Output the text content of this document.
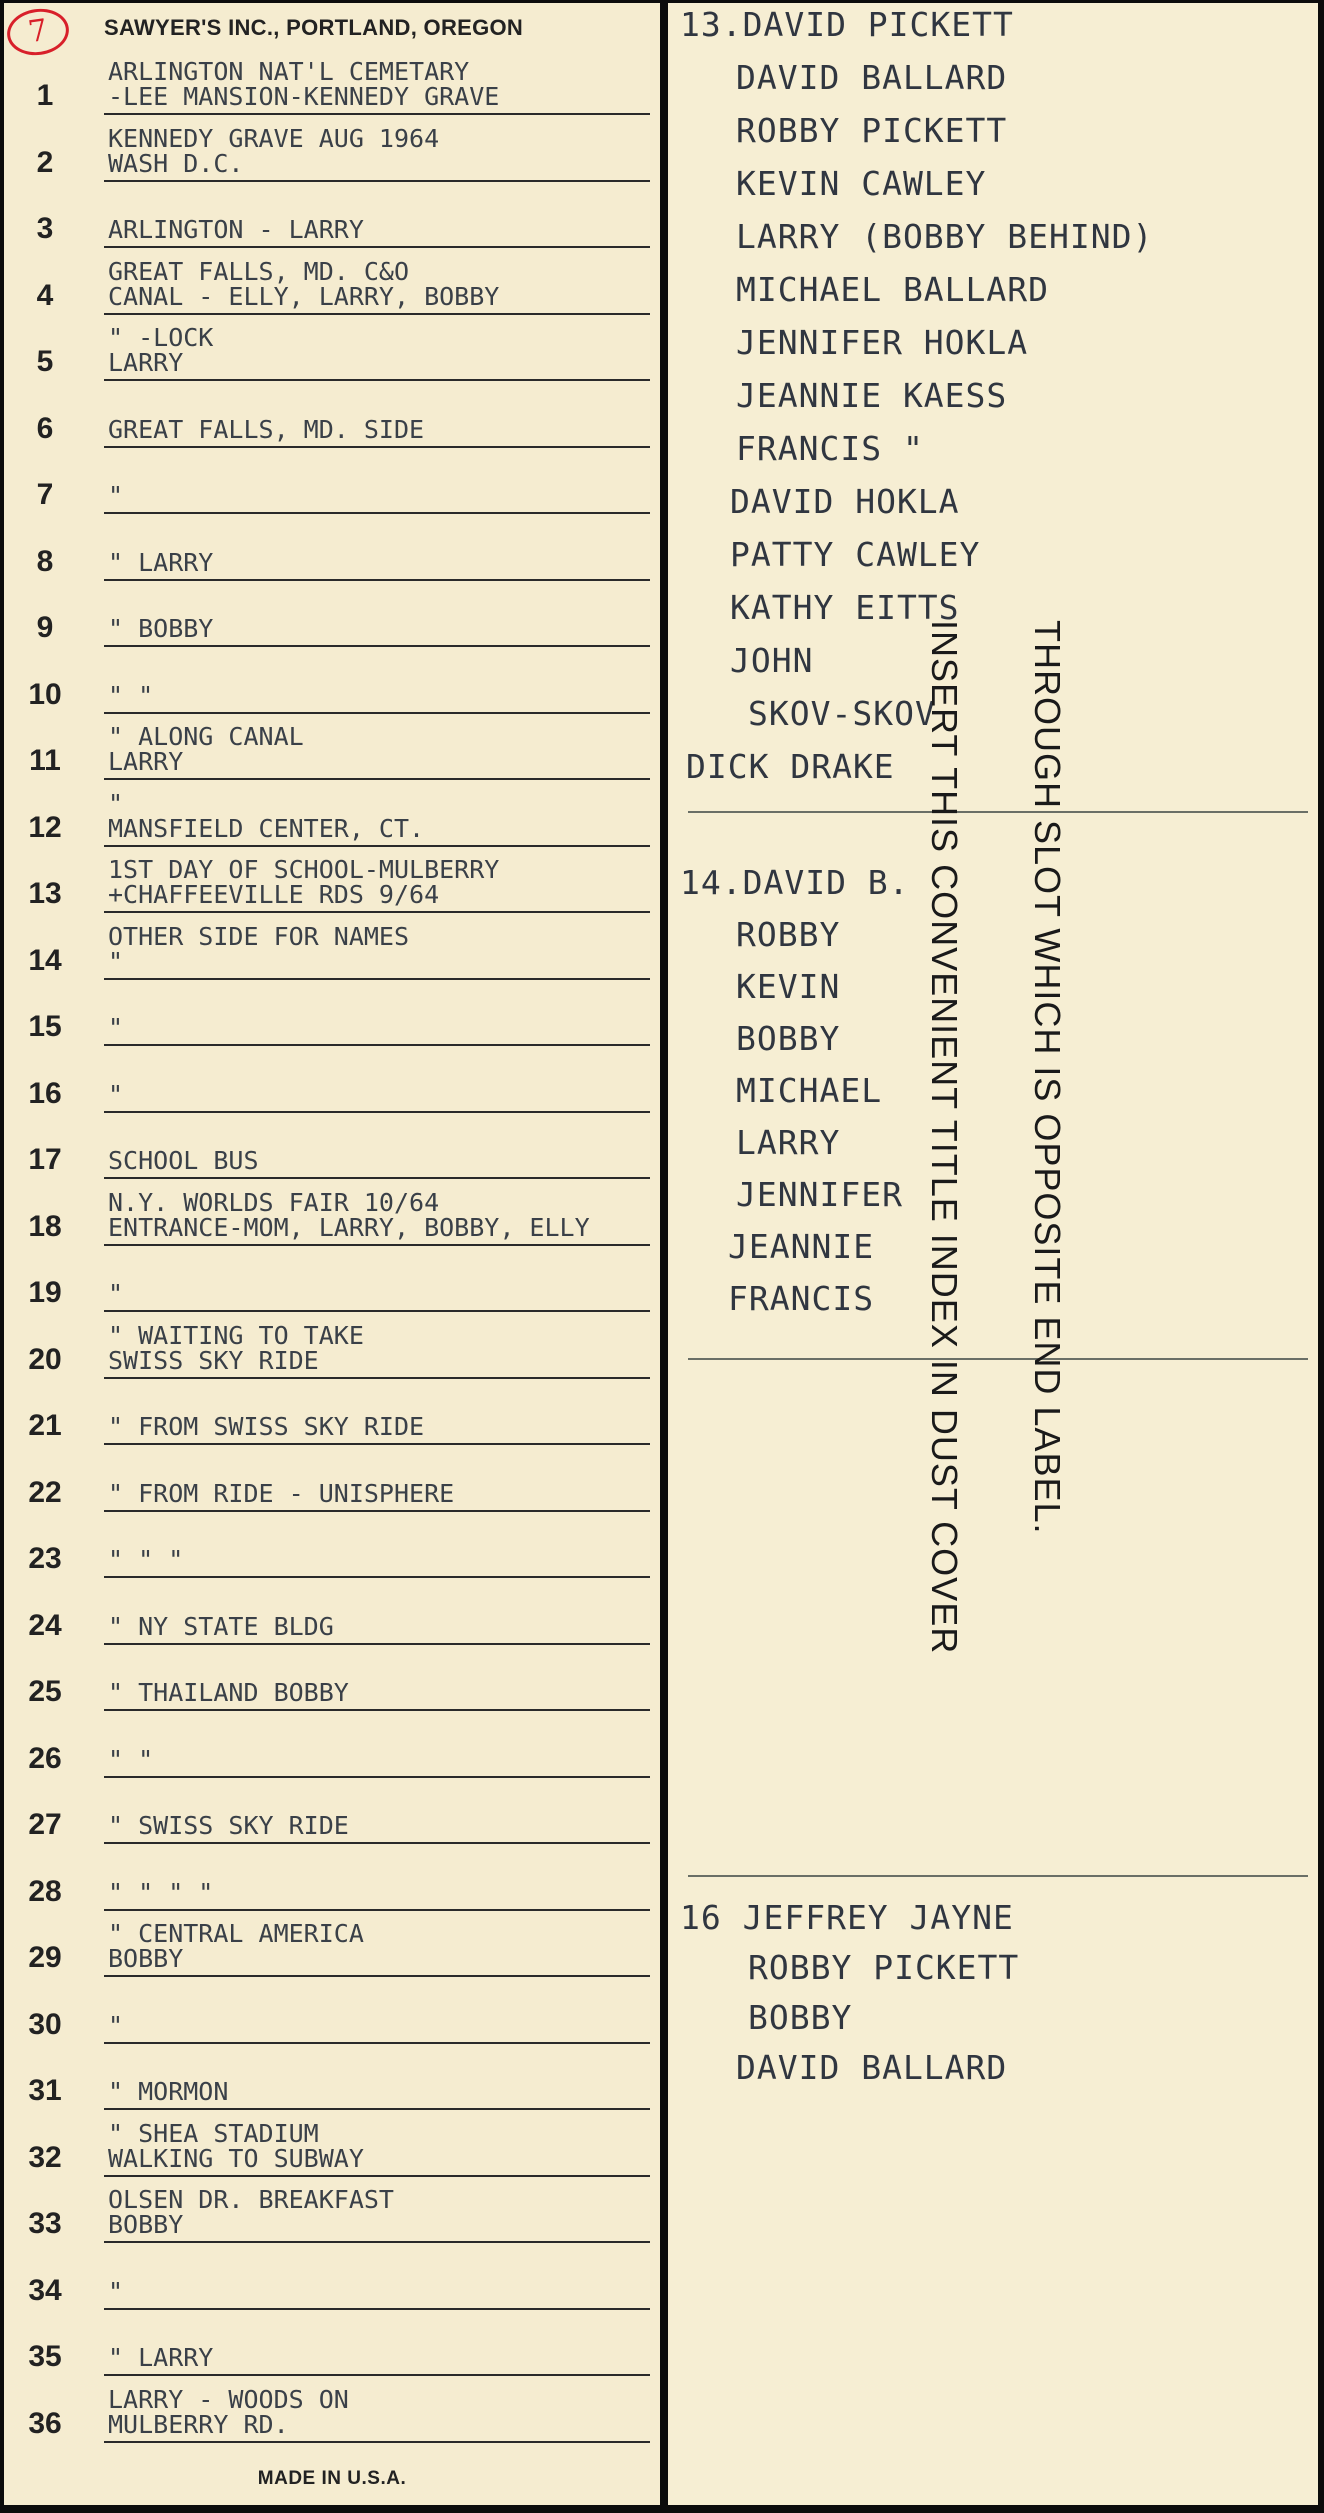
7	SAWYER'S INC., PORTLAND, OREGON
1
ARLINGTON NAT'L CEMETARY
-LEE MANSION-KENNEDY GRAVE
2
KENNEDY GRAVE AUG 1964
WASH D.C.
3	ARLINGTON - LARRY
4
GREAT FALLS, MD. C&O
CANAL - ELLY, LARRY, BOBBY
5
" -LOCK
LARRY
6	GREAT FALLS, MD. SIDE
7	"
8	" LARRY
9	" BOBBY
10	" "
11
" ALONG CANAL
LARRY
12
"
MANSFIELD CENTER, CT.
13
1ST DAY OF SCHOOL-MULBERRY
+CHAFFEEVILLE RDS 9/64
14
OTHER SIDE FOR NAMES
"
15	"
16	"
17	SCHOOL BUS
18
N.Y. WORLDS FAIR 10/64
ENTRANCE-MOM, LARRY, BOBBY, ELLY
19	"
20
" WAITING TO TAKE
SWISS SKY RIDE
21	" FROM SWISS SKY RIDE
22	" FROM RIDE - UNISPHERE
23	" " "
24	" NY STATE BLDG
25	" THAILAND BOBBY
26	" "
27	" SWISS SKY RIDE
28	" " " "
29
" CENTRAL AMERICA
BOBBY
30	"
31	" MORMON
32
" SHEA STADIUM
WALKING TO SUBWAY
33
OLSEN DR. BREAKFAST
BOBBY
34	"
35	" LARRY
36
LARRY - WOODS ON
MULBERRY RD.
MADE IN U.S.A.
13.DAVID PICKETT
DAVID BALLARD
ROBBY PICKETT
KEVIN CAWLEY
LARRY (BOBBY BEHIND)
MICHAEL BALLARD
JENNIFER HOKLA
JEANNIE KAESS
FRANCIS "
DAVID HOKLA
PATTY CAWLEY
KATHY EITTS
JOHN
SKOV-SKOV
DICK DRAKE
14.DAVID B.
ROBBY
KEVIN
BOBBY
MICHAEL
LARRY
JENNIFER
JEANNIE
FRANCIS
16 JEFFREY JAYNE
ROBBY PICKETT
BOBBY
DAVID BALLARD
INSERT THIS CONVENIENT TITLE INDEX IN DUST COVER THROUGH SLOT WHICH IS OPPOSITE END LABEL.
